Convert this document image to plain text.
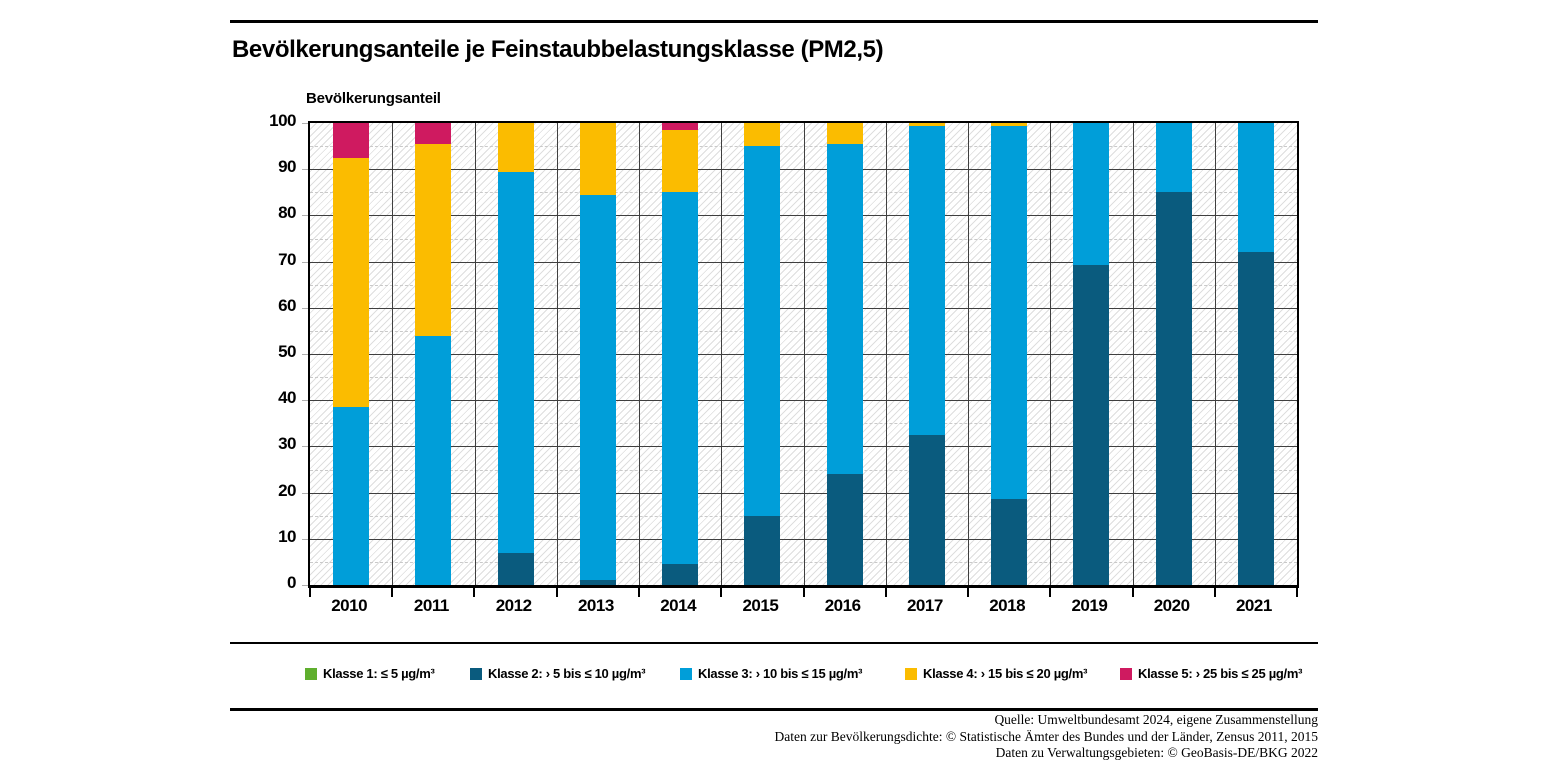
Bevölkerungsanteile je Feinstaubbelastungsklasse (PM2,5)
Bevölkerungsanteil
0
10
20
30
40
50
60
70
80
90
100
2010	2011	2012	2013	2014	2015	2016	2017	2018	2019	2020	2021
Klasse 1: ≤ 5 µg/m³	Klasse 2: › 5 bis ≤ 10 µg/m³	Klasse 3: › 10 bis ≤ 15 µg/m³	Klasse 4: › 15 bis ≤ 20 µg/m³	Klasse 5: › 25 bis ≤ 25 µg/m³
Quelle: Umweltbundesamt 2024, eigene Zusammenstellung
Daten zur Bevölkerungsdichte: © Statistische Ämter des Bundes und der Länder, Zensus 2011, 2015
Daten zu Verwaltungsgebieten: © GeoBasis-DE/BKG 2022
